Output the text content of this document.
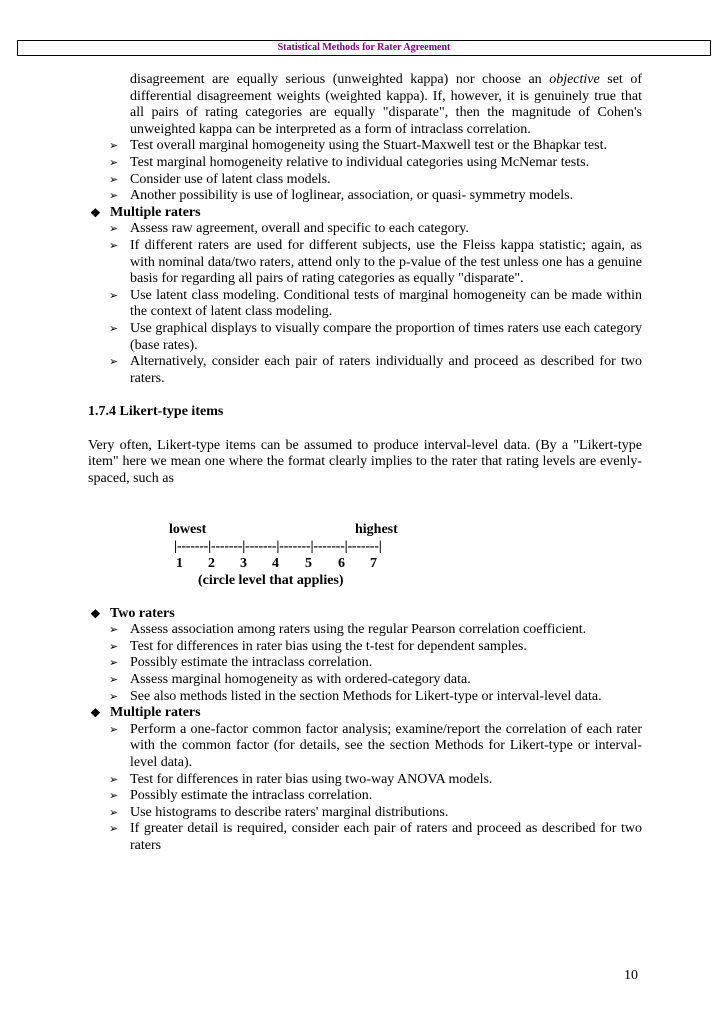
Statistical Methods for Rater Agreement

disagreement are equally serious (unweighted kappa) nor choose an objective set of differential disagreement weights (weighted kappa). If, however, it is genuinely true that all pairs of rating categories are equally "disparate", then the magnitude of Cohen's unweighted kappa can be interpreted as a form of intraclass correlation.

➢ Test overall marginal homogeneity using the Stuart-Maxwell test or the Bhapkar test.

➢ Test marginal homogeneity relative to individual categories using McNemar tests.

➢ Consider use of latent class models.

➢ Another possibility is use of loglinear, association, or quasi- symmetry models.

❖ Multiple raters

➢ Assess raw agreement, overall and specific to each category.

➢ If different raters are used for different subjects, use the Fleiss kappa statistic; again, as with nominal data/two raters, attend only to the p-value of the test unless one has a genuine basis for regarding all pairs of rating categories as equally "disparate".

➢ Use latent class modeling. Conditional tests of marginal homogeneity can be made within the context of latent class modeling.

➢ Use graphical displays to visually compare the proportion of times raters use each category (base rates).

➢ Alternatively, consider each pair of raters individually and proceed as described for two raters.

1.7.4 Likert-type items

Very often, Likert-type items can be assumed to produce interval-level data. (By a "Likert-type item" here we mean one where the format clearly implies to the rater that rating levels are evenly-spaced, such as

lowest	highest
|-------|-------|-------|-------|-------|-------|
1 2 3 4 5 6 7
(circle level that applies)

❖ Two raters

➢ Assess association among raters using the regular Pearson correlation coefficient.

➢ Test for differences in rater bias using the t-test for dependent samples.

➢ Possibly estimate the intraclass correlation.

➢ Assess marginal homogeneity as with ordered-category data.

➢ See also methods listed in the section Methods for Likert-type or interval-level data.

❖ Multiple raters

➢ Perform a one-factor common factor analysis; examine/report the correlation of each rater with the common factor (for details, see the section Methods for Likert-type or interval-level data).

➢ Test for differences in rater bias using two-way ANOVA models.

➢ Possibly estimate the intraclass correlation.

➢ Use histograms to describe raters' marginal distributions.

➢ If greater detail is required, consider each pair of raters and proceed as described for two raters

10
